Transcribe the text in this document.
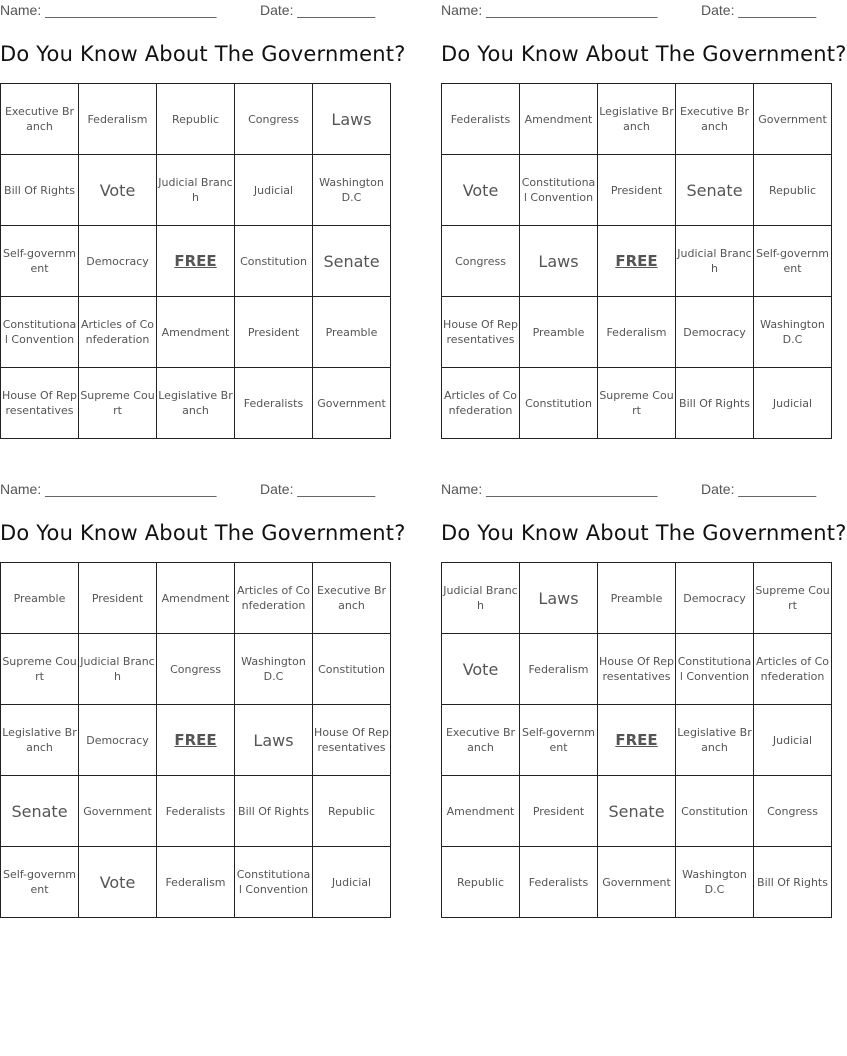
Name: ______________________	Date: __________
Do You Know About The Government?
Executive Branch	Federalism	Republic	Congress	Laws
Bill Of Rights	Vote	Judicial Branch	Judicial	Washington D.C
Self-government	Democracy	FREE	Constitution	Senate
Constitutional Convention	Articles of Confederation	Amendment	President	Preamble
House Of Representatives	Supreme Court	Legislative Branch	Federalists	Government
Name: ______________________	Date: __________
Do You Know About The Government?
Federalists	Amendment	Legislative Branch	Executive Branch	Government
Vote	Constitutional Convention	President	Senate	Republic
Congress	Laws	FREE	Judicial Branch	Self-government
House Of Representatives	Preamble	Federalism	Democracy	Washington D.C
Articles of Confederation	Constitution	Supreme Court	Bill Of Rights	Judicial
Name: ______________________	Date: __________
Do You Know About The Government?
Preamble	President	Amendment	Articles of Confederation	Executive Branch
Supreme Court	Judicial Branch	Congress	Washington D.C	Constitution
Legislative Branch	Democracy	FREE	Laws	House Of Representatives
Senate	Government	Federalists	Bill Of Rights	Republic
Self-government	Vote	Federalism	Constitutional Convention	Judicial
Name: ______________________	Date: __________
Do You Know About The Government?
Judicial Branch	Laws	Preamble	Democracy	Supreme Court
Vote	Federalism	House Of Representatives	Constitutional Convention	Articles of Confederation
Executive Branch	Self-government	FREE	Legislative Branch	Judicial
Amendment	President	Senate	Constitution	Congress
Republic	Federalists	Government	Washington D.C	Bill Of Rights
